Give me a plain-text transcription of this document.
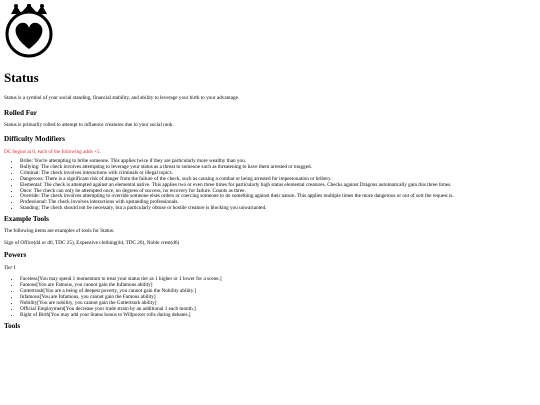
Status

Status is a symbol of your social standing, financial stability, and ability to leverage your birth to your advantage.

Rolled For

Status is primarily rolled to attempt to influence creatures due to your social rank.

Difficulty Modifiers

DC begins at 0, each of the following adds +5.

• Bribe: You're attempting to bribe someone. This applies twice if they are particularly more wealthy than you.
• Bullying: The check involves attempting to leverage your status as a threat to someone such as threatening to have them arrested or mugged.
• Criminal: The check involves interactions with criminals or illegal topics.
• Dangerous: There is a significant risk of danger from the failure of the check, such as causing a combat or being arrested for impersonation or bribery.
• Elemental: The check is attempted against an elemental native. This applies two or even three times for particularly high status elemental creatures. Checks against Dragons automatically gain this three times.
• Once: The check can only be attempted once, no degrees of success, no recovery for failure. Counts as three.
• Override: The check involves attempting to override someone elses orders or coercing someone to do something against their nature. This applies multiple times the more dangerous or out of sort the request is.
• Professional: The check involves interactions with upstanding professionals.
• Standing: The check should not be necessary, but a particularly obtuse or hostile creature is blocking you unwarranted.
Example Tools

The following items are examples of tools for Status:

Sign of Office(d4 or d6, TDC 25), Expensive clothing(d4, TDC 20), Noble crest(d6)

Powers

Tier I

• Faceless[You may spend 1 momentum to treat your status tier as 1 higher or 1 lower for a scene.]
• Famous[You are Famous, you cannot gain the Infamous ability]
• Guttertrash[You are a being of deepest poverty, you cannot gain the Nobility ability.]
• Infamous[You are Infamous, you cannot gain the Famous ability]
• Nobility[You are nobility, you cannot gain the Guttertrash ability]
• Official Employment[You decrease your trade strain by an additional 1 each month.]
• Right of Birth[You may add your Status bonus to Willpower rolls during debates.]
Tools
